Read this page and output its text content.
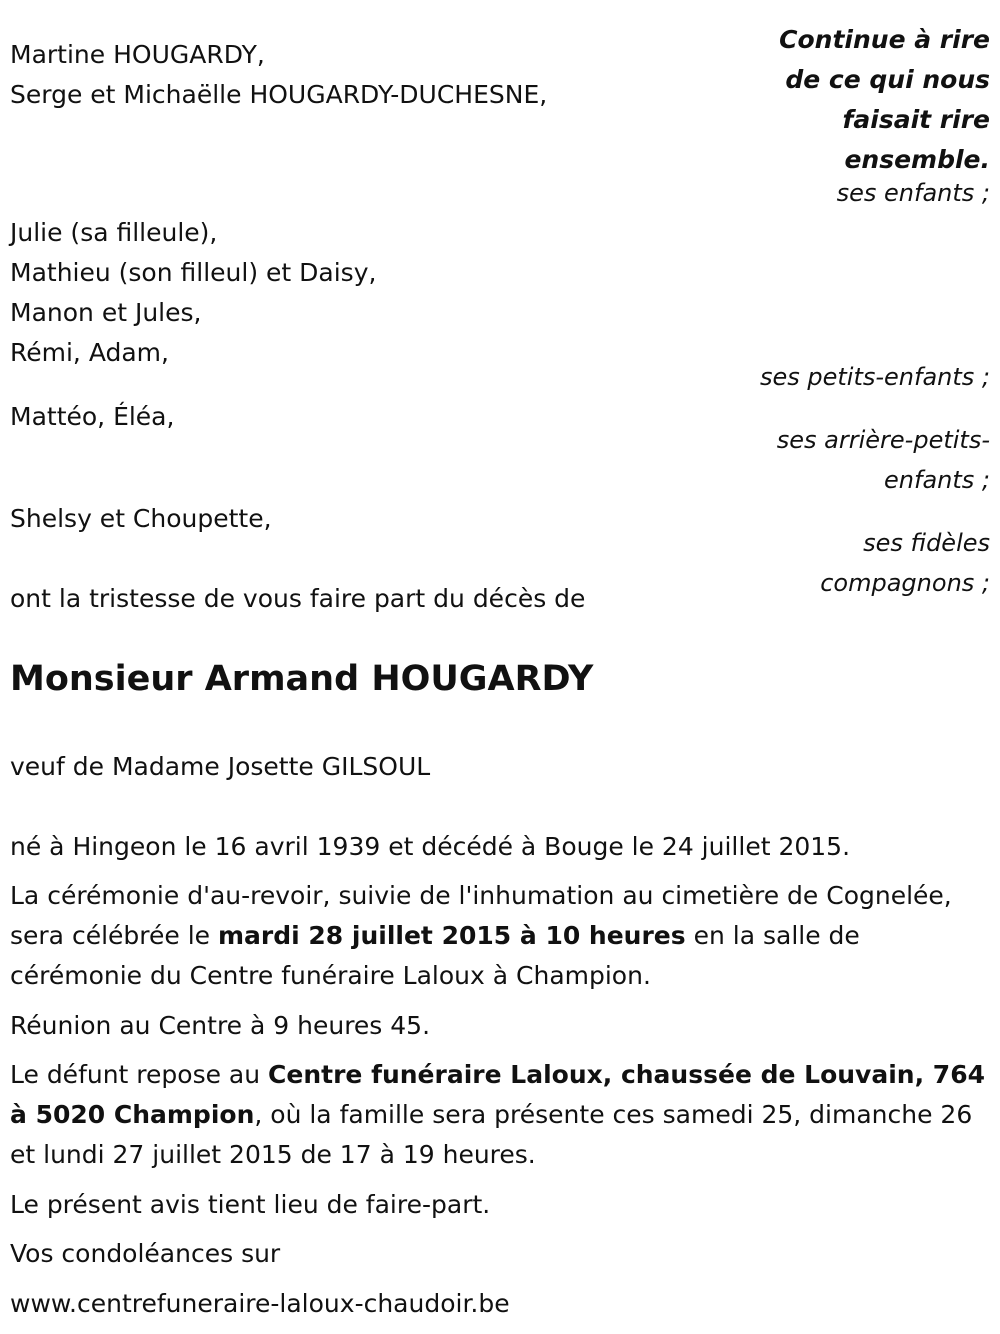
Continue à rire
de ce qui nous
faisait rire
ensemble.
Martine HOUGARDY,
Serge et Michaëlle HOUGARDY-DUCHESNE,
ses enfants ;
Julie (sa filleule),
Mathieu (son filleul) et Daisy,
Manon et Jules,
Rémi, Adam,
ses petits-enfants ;
Mattéo, Éléa,
ses arrière-petits-
enfants ;
Shelsy et Choupette,
ses fidèles
compagnons ;
ont la tristesse de vous faire part du décès de
Monsieur Armand HOUGARDY
veuf de Madame Josette GILSOUL
né à Hingeon le 16 avril 1939 et décédé à Bouge le 24 juillet 2015.

La cérémonie d'au-revoir, suivie de l'inhumation au cimetière de Cognelée, sera célébrée le mardi 28 juillet 2015 à 10 heures en la salle de cérémonie du Centre funéraire Laloux à Champion.

Réunion au Centre à 9 heures 45.

Le défunt repose au Centre funéraire Laloux, chaussée de Louvain, 764 à 5020 Champion, où la famille sera présente ces samedi 25, dimanche 26 et lundi 27 juillet 2015 de 17 à 19 heures.

Le présent avis tient lieu de faire-part.
Vos condoléances sur
www.centrefuneraire-laloux-chaudoir.be
